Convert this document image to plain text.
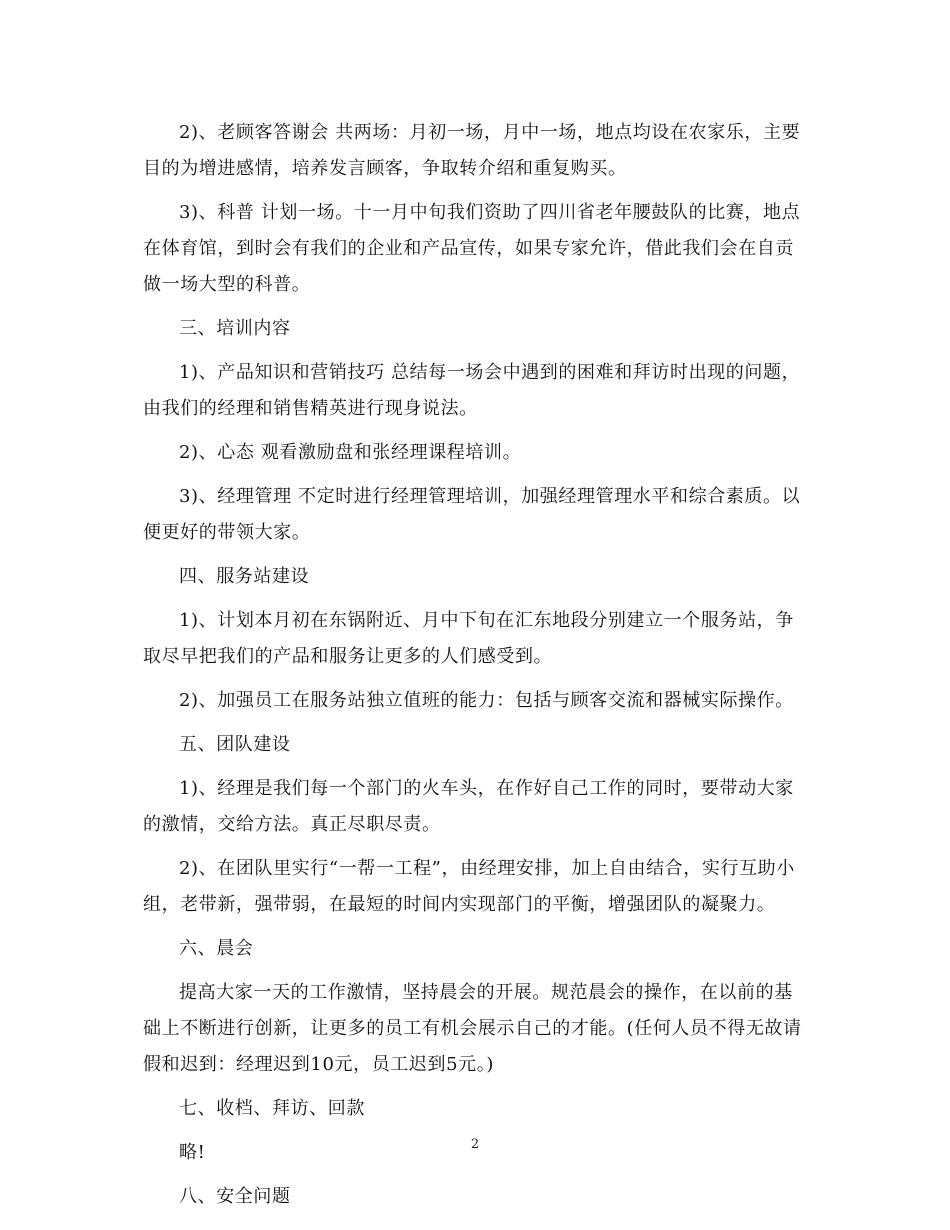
2)、老顾客答谢会 共两场：月初一场，月中一场，地点均设在农家乐，主要目的为增进感情，培养发言顾客，争取转介绍和重复购买。

3)、科普 计划一场。十一月中旬我们资助了四川省老年腰鼓队的比赛，地点在体育馆，到时会有我们的企业和产品宣传，如果专家允许，借此我们会在自贡做一场大型的科普。

三、培训内容

1)、产品知识和营销技巧 总结每一场会中遇到的困难和拜访时出现的问题，由我们的经理和销售精英进行现身说法。

2)、心态 观看激励盘和张经理课程培训。

3)、经理管理 不定时进行经理管理培训，加强经理管理水平和综合素质。以便更好的带领大家。

四、服务站建设

1)、计划本月初在东锅附近、月中下旬在汇东地段分别建立一个服务站，争取尽早把我们的产品和服务让更多的人们感受到。

2)、加强员工在服务站独立值班的能力：包括与顾客交流和器械实际操作。

五、团队建设

1)、经理是我们每一个部门的火车头，在作好自己工作的同时，要带动大家的激情，交给方法。真正尽职尽责。

2)、在团队里实行“一帮一工程”，由经理安排，加上自由结合，实行互助小组，老带新，强带弱，在最短的时间内实现部门的平衡，增强团队的凝聚力。

六、晨会

提高大家一天的工作激情，坚持晨会的开展。规范晨会的操作，在以前的基础上不断进行创新，让更多的员工有机会展示自己的才能。(任何人员不得无故请假和迟到：经理迟到10元，员工迟到5元。)

七、收档、拜访、回款

略!

八、安全问题

2
